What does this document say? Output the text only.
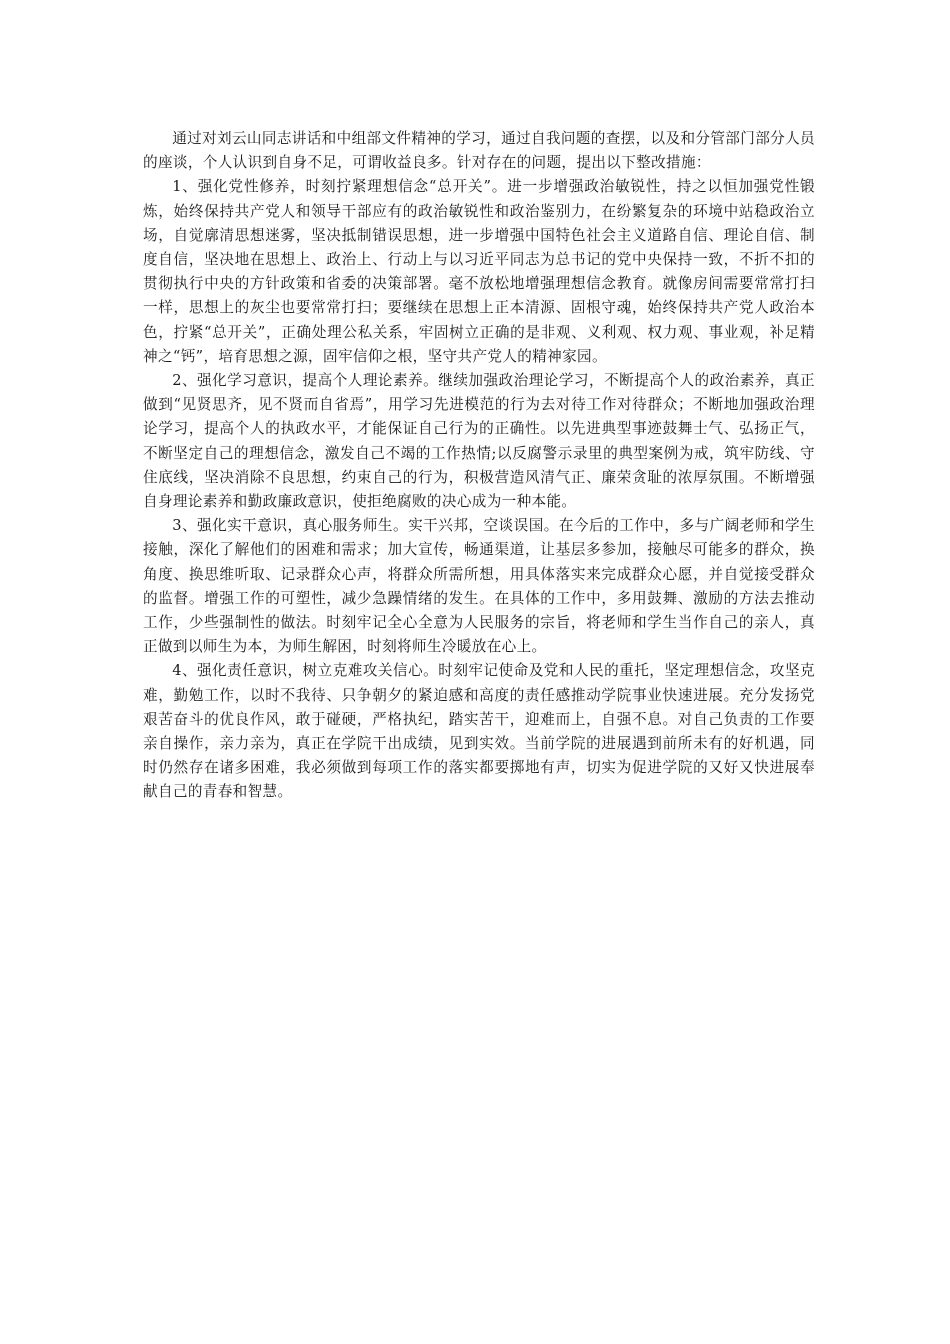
通过对刘云山同志讲话和中组部文件精神的学习，通过自我问题的查摆，以及和分管部门部分人员的座谈，个人认识到自身不足，可谓收益良多。针对存在的问题，提出以下整改措施：

1、强化党性修养，时刻拧紧理想信念“总开关”。进一步增强政治敏锐性，持之以恒加强党性锻炼，始终保持共产党人和领导干部应有的政治敏锐性和政治鉴别力，在纷繁复杂的环境中站稳政治立场，自觉廓清思想迷雾，坚决抵制错误思想，进一步增强中国特色社会主义道路自信、理论自信、制度自信，坚决地在思想上、政治上、行动上与以习近平同志为总书记的党中央保持一致，不折不扣的贯彻执行中央的方针政策和省委的决策部署。毫不放松地增强理想信念教育。就像房间需要常常打扫一样，思想上的灰尘也要常常打扫；要继续在思想上正本清源、固根守魂，始终保持共产党人政治本色，拧紧“总开关”，正确处理公私关系，牢固树立正确的是非观、义利观、权力观、事业观，补足精神之“钙”，培育思想之源，固牢信仰之根，坚守共产党人的精神家园。

2、强化学习意识，提高个人理论素养。继续加强政治理论学习，不断提高个人的政治素养，真正做到“见贤思齐，见不贤而自省焉”，用学习先进模范的行为去对待工作对待群众；不断地加强政治理论学习，提高个人的执政水平，才能保证自己行为的正确性。以先进典型事迹鼓舞士气、弘扬正气，不断坚定自己的理想信念，激发自己不竭的工作热情;以反腐警示录里的典型案例为戒，筑牢防线、守住底线，坚决消除不良思想，约束自己的行为，积极营造风清气正、廉荣贪耻的浓厚氛围。不断增强自身理论素养和勤政廉政意识，使拒绝腐败的决心成为一种本能。

3、强化实干意识，真心服务师生。实干兴邦，空谈误国。在今后的工作中，多与广阔老师和学生接触，深化了解他们的困难和需求；加大宣传，畅通渠道，让基层多参加，接触尽可能多的群众，换角度、换思维听取、记录群众心声，将群众所需所想，用具体落实来完成群众心愿，并自觉接受群众的监督。增强工作的可塑性，减少急躁情绪的发生。在具体的工作中，多用鼓舞、激励的方法去推动工作，少些强制性的做法。时刻牢记全心全意为人民服务的宗旨，将老师和学生当作自己的亲人，真正做到以师生为本，为师生解困，时刻将师生冷暖放在心上。

4、强化责任意识，树立克难攻关信心。时刻牢记使命及党和人民的重托，坚定理想信念，攻坚克难，勤勉工作，以时不我待、只争朝夕的紧迫感和高度的责任感推动学院事业快速进展。充分发扬党艰苦奋斗的优良作风，敢于碰硬，严格执纪，踏实苦干，迎难而上，自强不息。对自己负责的工作要亲自操作，亲力亲为，真正在学院干出成绩，见到实效。当前学院的进展遇到前所未有的好机遇，同时仍然存在诸多困难，我必须做到每项工作的落实都要掷地有声，切实为促进学院的又好又快进展奉献自己的青春和智慧。
